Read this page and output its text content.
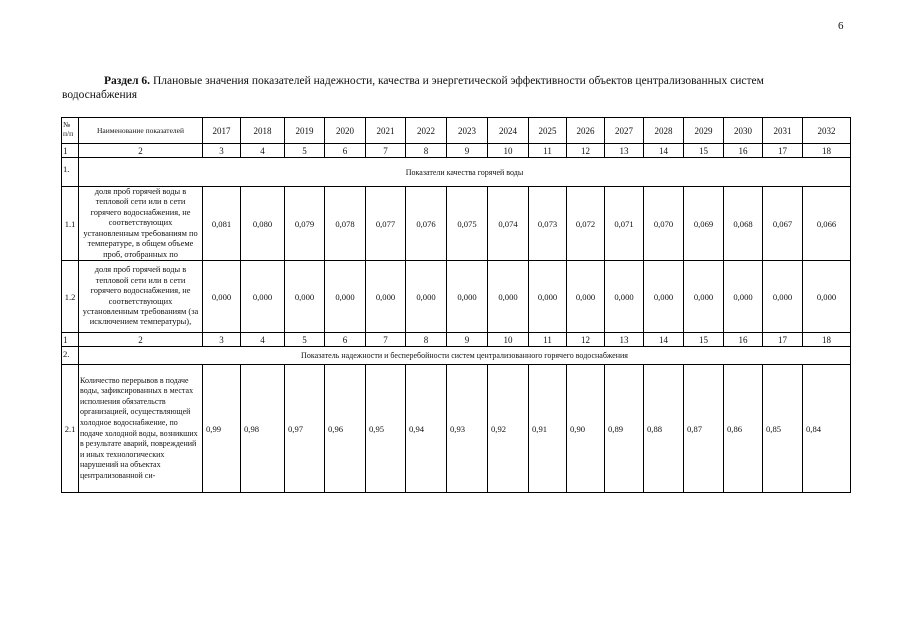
6
Раздел 6. Плановые значения показателей надежности, качества и энергетической эффективности объектов централизованных систем
водоснабжения
№ п/п	Наименование показателей	2017	2018	2019	2020	2021	2022	2023	2024	2025	2026	2027	2028	2029	2030	2031	2032
1	2	3	4	5	6	7	8	9	10	11	12	13	14	15	16	17	18
1.	Показатели качества горячей воды																
1.1	доля проб горячей воды в тепловой сети или в сети горячего водоснабжения, не соответствующих установленным требованиям по температуре, в общем объеме проб, отобранных по	0,081	0,080	0,079	0,078	0,077	0,076	0,075	0,074	0,073	0,072	0,071	0,070	0,069	0,068	0,067	0,066
1.2	доля проб горячей воды в тепловой сети или в сети горячего водоснабжения, не соответствующих установленным требованиям (за исключением температуры),	0,000	0,000	0,000	0,000	0,000	0,000	0,000	0,000	0,000	0,000	0,000	0,000	0,000	0,000	0,000	0,000
1	2	3	4	5	6	7	8	9	10	11	12	13	14	15	16	17	18
2.	Показатель надежности и бесперебойности систем централизованного горячего водоснабжения																
2.1	Количество перерывов в подаче воды, зафиксированных в местах исполнения обязательств организацией, осуществляющей холодное водоснабжение, по подаче холодной воды, возникших в результате аварий, повреждений и иных технологических нарушений на объектах централизованной си-	0,99	0,98	0,97	0,96	0,95	0,94	0,93	0,92	0,91	0,90	0,89	0,88	0,87	0,86	0,85	0,84
